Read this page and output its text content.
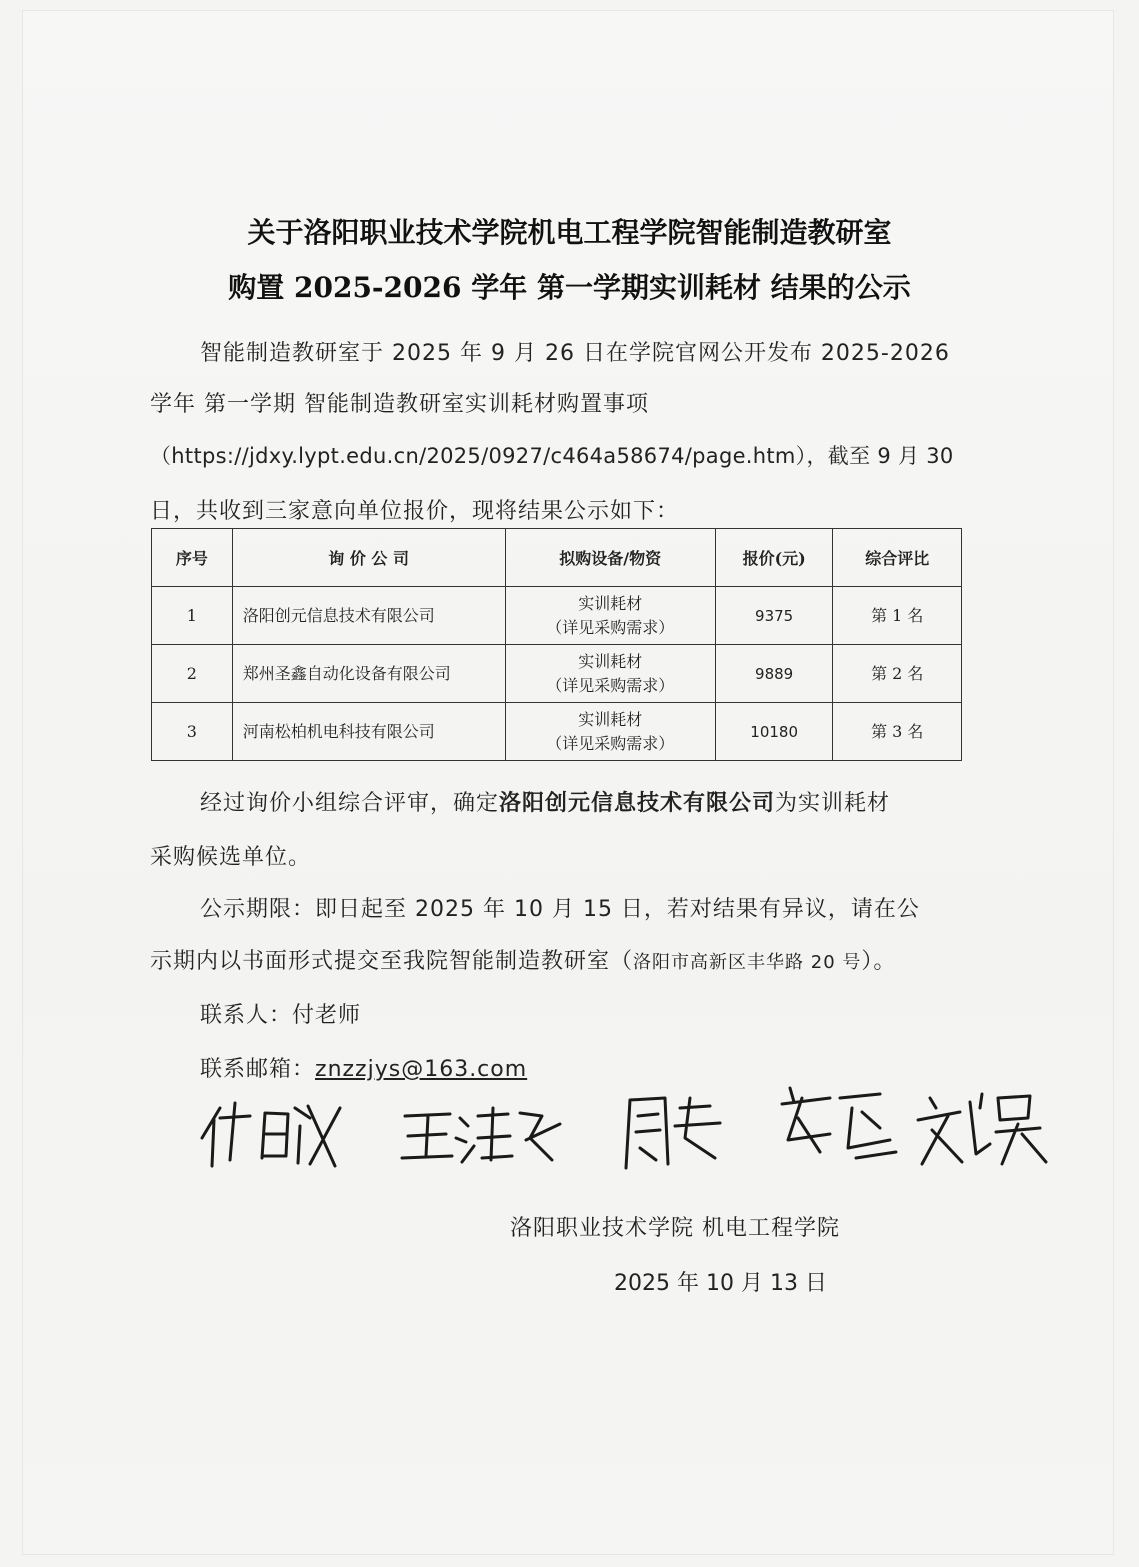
关于洛阳职业技术学院机电工程学院智能制造教研室
购置 2025-2026 学年 第一学期实训耗材 结果的公示
智能制造教研室于 2025 年 9 月 26 日在学院官网公开发布 2025-2026
学年 第一学期 智能制造教研室实训耗材购置事项
（https://jdxy.lypt.edu.cn/2025/0927/c464a58674/page.htm），截至 9 月 30
日，共收到三家意向单位报价，现将结果公示如下：
序号	询 价 公 司	拟购设备/物资	报价(元)	综合评比
1	洛阳创元信息技术有限公司	实训耗材
（详见采购需求）	9375	第 1 名
2	郑州圣鑫自动化设备有限公司	实训耗材
（详见采购需求）	9889	第 2 名
3	河南松柏机电科技有限公司	实训耗材
（详见采购需求）	10180	第 3 名
经过询价小组综合评审，确定洛阳创元信息技术有限公司为实训耗材
采购候选单位。
公示期限：即日起至 2025 年 10 月 15 日，若对结果有异议，请在公
示期内以书面形式提交至我院智能制造教研室（洛阳市高新区丰华路 20 号）。
联系人：付老师
联系邮箱：znzzjys@163.com
洛阳职业技术学院 机电工程学院
2025 年 10 月 13 日
